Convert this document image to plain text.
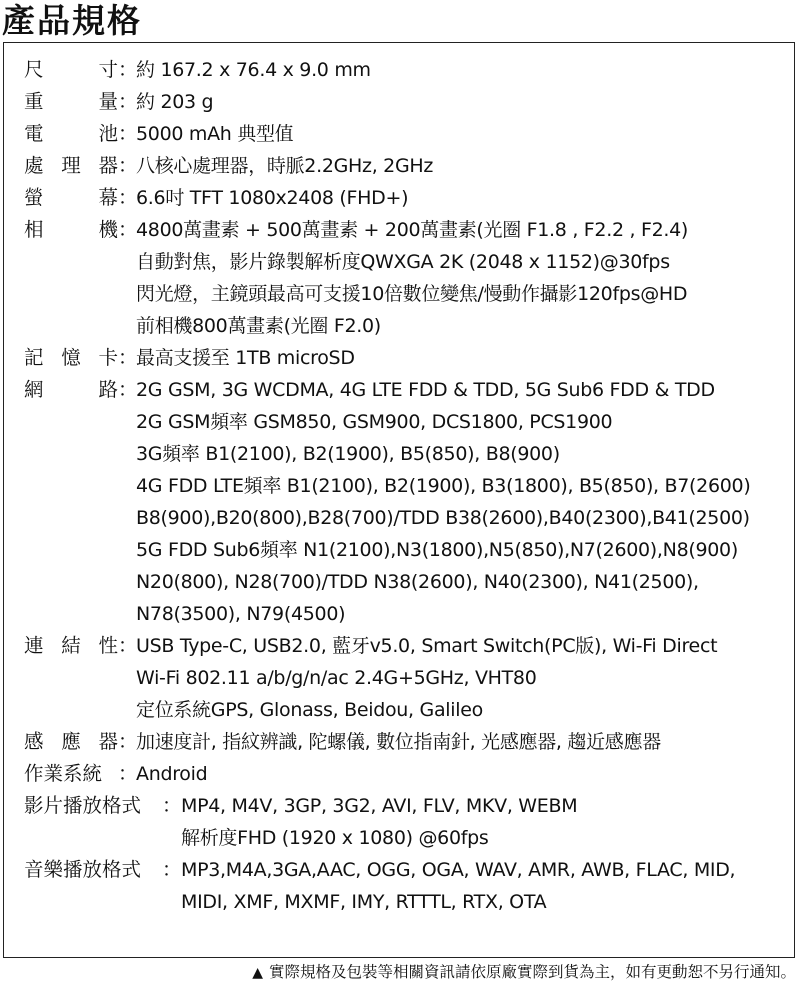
產品規格
尺	寸 ：
約 167.2 x 76.4 x 9.0 mm
重	量 ：
約 203 g
電	池 ：
5000 mAh 典型值
處 理 器 ：
八核心處理器，時脈2.2GHz, 2GHz
螢	幕 ：
6.6吋 TFT 1080x2408 (FHD+)
相	機 ：
4800萬畫素 + 500萬畫素 + 200萬畫素(光圈 F1.8 , F2.2 , F2.4)
自動對焦，影片錄製解析度QWXGA 2K (2048 x 1152)@30fps
閃光燈，主鏡頭最高可支援10倍數位變焦/慢動作攝影120fps@HD
前相機800萬畫素(光圈 F2.0)
記 憶 卡 ：
最高支援至 1TB microSD
網	路 ：
2G GSM, 3G WCDMA, 4G LTE FDD & TDD, 5G Sub6 FDD & TDD
2G GSM頻率 GSM850, GSM900, DCS1800, PCS1900
3G頻率 B1(2100), B2(1900), B5(850), B8(900)
4G FDD LTE頻率 B1(2100), B2(1900), B3(1800), B5(850), B7(2600)
B8(900),B20(800),B28(700)/TDD B38(2600),B40(2300),B41(2500)
5G FDD Sub6頻率 N1(2100),N3(1800),N5(850),N7(2600),N8(900)
N20(800), N28(700)/TDD N38(2600), N40(2300), N41(2500),
N78(3500), N79(4500)
連 結 性 ：
USB Type-C, USB2.0, 藍牙v5.0, Smart Switch(PC版), Wi-Fi Direct
Wi-Fi 802.11 a/b/g/n/ac 2.4G+5GHz, VHT80
定位系統GPS, Glonass, Beidou, Galileo
感 應 器 ：
加速度計, 指紋辨識, 陀螺儀, 數位指南針, 光感應器, 趨近感應器
作業系統 ：
Android
影片播放格式 ： MP4, M4V, 3GP, 3G2, AVI, FLV, MKV, WEBM
解析度FHD (1920 x 1080) @60fps
音樂播放格式 ： MP3,M4A,3GA,AAC, OGG, OGA, WAV, AMR, AWB, FLAC, MID,
MIDI, XMF, MXMF, IMY, RTTTL, RTX, OTA
▲ 實際規格及包裝等相關資訊請依原廠實際到貨為主，如有更動恕不另行通知。
